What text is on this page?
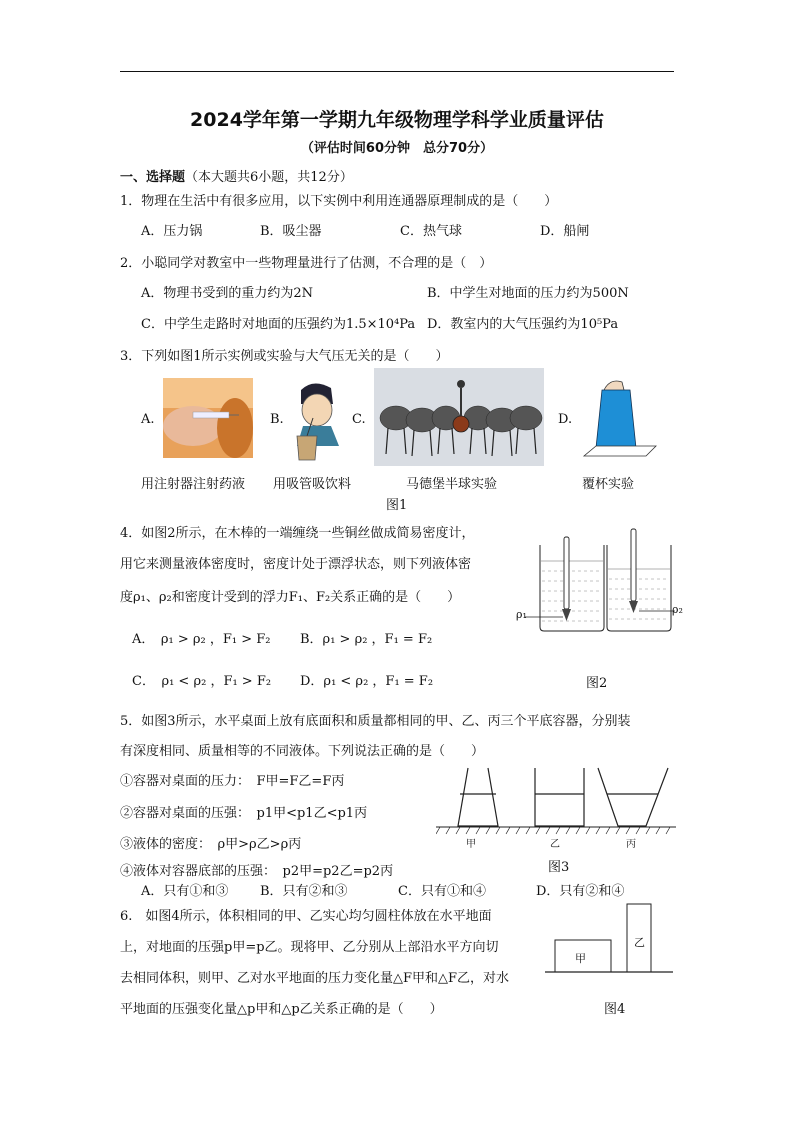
2024学年第一学期九年级物理学科学业质量评估
（评估时间60分钟　总分70分）
一、选择题（本大题共6小题，共12分）
1．物理在生活中有很多应用，以下实例中利用连通器原理制成的是（　　）
A．压力锅	B．吸尘器	C．热气球	D．船闸
2．小聪同学对教室中一些物理量进行了估测，不合理的是（　）
A．物理书受到的重力约为2N	B．中学生对地面的压力约为500N
C．中学生走路时对地面的压强约为1.5×10⁴Pa D．教室内的大气压强约为10⁵Pa
3．下列如图1所示实例或实验与大气压无关的是（　　）
A.	B.	C.	D.
用注射器注射药液 用吸管吸饮料	马德堡半球实验	覆杯实验
图1
4．如图2所示，在木棒的一端缠绕一些铜丝做成简易密度计，
用它来测量液体密度时，密度计处于漂浮状态，则下列液体密
度ρ₁、ρ₂和密度计受到的浮力F₁、F₂关系正确的是（　　）
A．　ρ₁ > ρ₂ ，F₁ > F₂ B．ρ₁ > ρ₂ ，F₁ = F₂
C．　ρ₁ < ρ₂ ，F₁ > F₂ D．ρ₁ < ρ₂ ，F₁ = F₂
ρ₁	ρ₂
图2
5．如图3所示，水平桌面上放有底面积和质量都相同的甲、乙、丙三个平底容器，分别装
有深度相同、质量相等的不同液体。下列说法正确的是（　　）
①容器对桌面的压力：　F甲=F乙=F丙
②容器对桌面的压强：　p1甲<p1乙<p1丙
③液体的密度：　ρ甲>ρ乙>ρ丙
④液体对容器底部的压强：　p2甲=p2乙=p2丙
A．只有①和③ B．只有②和③	C．只有①和④	D．只有②和④
甲	乙	丙
图3
6.　如图4所示，体积相同的甲、乙实心均匀圆柱体放在水平地面
上，对地面的压强p甲=p乙。现将甲、乙分别从上部沿水平方向切
去相同体积，则甲、乙对水平地面的压力变化量△F甲和△F乙，对水
平地面的压强变化量△p甲和△p乙关系正确的是（　　）
甲
乙
图4
